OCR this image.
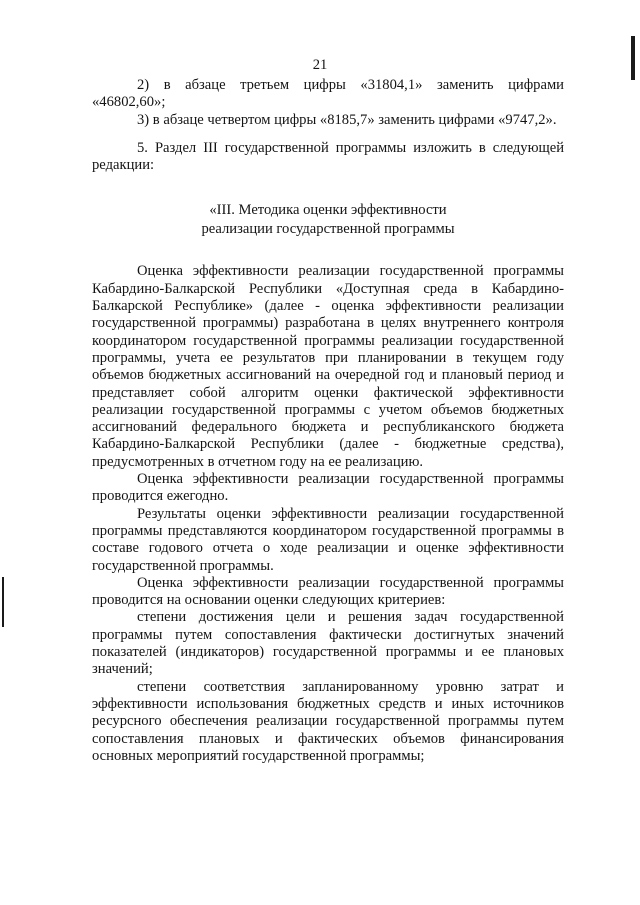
21

2) в абзаце третьем цифры «31804,1» заменить цифрами «46802,60»;

3) в абзаце четвертом цифры «8185,7» заменить цифрами «9747,2».

5. Раздел III государственной программы изложить в следующей редакции:

«III. Методика оценки эффективности

реализации государственной программы

Оценка эффективности реализации государственной программы Кабардино-Балкарской Республики «Доступная среда в Кабардино-Балкарской Республике» (далее - оценка эффективности реализации государственной программы) разработана в целях внутреннего контроля координатором государственной программы реализации государственной программы, учета ее результатов при планировании в текущем году объемов бюджетных ассигнований на очередной год и плановый период и представляет собой алгоритм оценки фактической эффективности реализации государственной программы с учетом объемов бюджетных ассигнований федерального бюджета и республиканского бюджета Кабардино-Балкарской Республики (далее - бюджетные средства), предусмотренных в отчетном году на ее реализацию.

Оценка эффективности реализации государственной программы проводится ежегодно.

Результаты оценки эффективности реализации государственной программы представляются координатором государственной программы в составе годового отчета о ходе реализации и оценке эффективности государственной программы.

Оценка эффективности реализации государственной программы проводится на основании оценки следующих критериев:

степени достижения цели и решения задач государственной программы путем сопоставления фактически достигнутых значений показателей (индикаторов) государственной программы и ее плановых значений;

степени соответствия запланированному уровню затрат и эффективности использования бюджетных средств и иных источников ресурсного обеспечения реализации государственной программы путем сопоставления плановых и фактических объемов финансирования основных мероприятий государственной программы;
